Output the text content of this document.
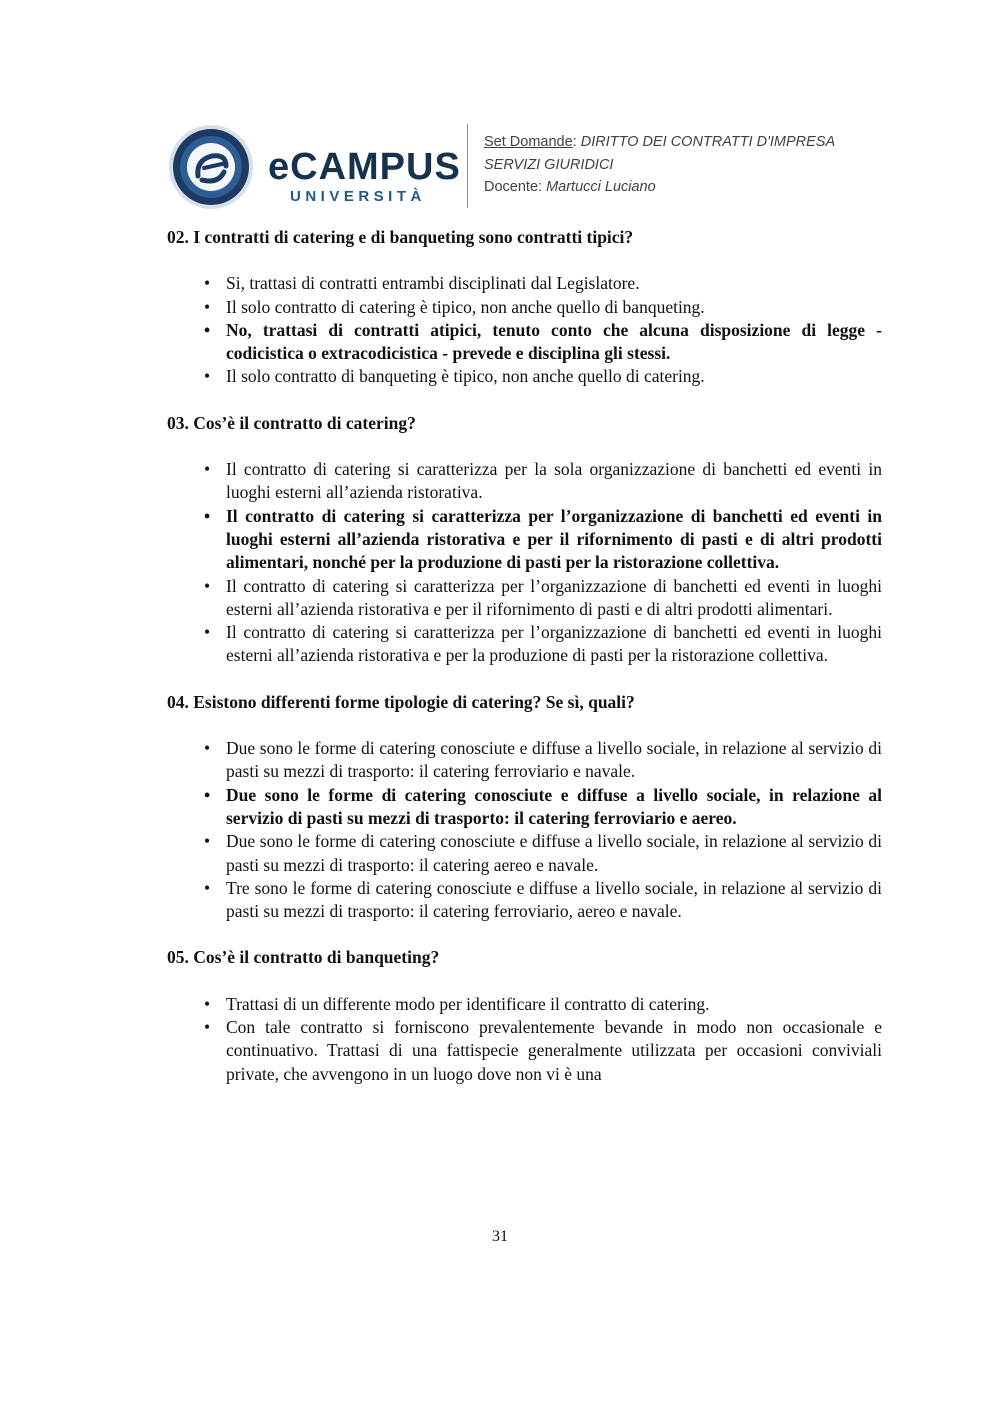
eCAMPUS
UNIVERSITÀ
Set Domande: DIRITTO DEI CONTRATTI D'IMPRESA
SERVIZI GIURIDICI
Docente: Martucci Luciano
02. I contratti di catering e di banqueting sono contratti tipici?
• Si, trattasi di contratti entrambi disciplinati dal Legislatore.
• Il solo contratto di catering è tipico, non anche quello di banqueting.
• No, trattasi di contratti atipici, tenuto conto che alcuna disposizione di legge - codicistica o extracodicistica - prevede e disciplina gli stessi.
• Il solo contratto di banqueting è tipico, non anche quello di catering.
03. Cos’è il contratto di catering?
• Il contratto di catering si caratterizza per la sola organizzazione di banchetti ed eventi in luoghi esterni all’azienda ristorativa.
• Il contratto di catering si caratterizza per l’organizzazione di banchetti ed eventi in luoghi esterni all’azienda ristorativa e per il rifornimento di pasti e di altri prodotti alimentari, nonché per la produzione di pasti per la ristorazione collettiva.
• Il contratto di catering si caratterizza per l’organizzazione di banchetti ed eventi in luoghi esterni all’azienda ristorativa e per il rifornimento di pasti e di altri prodotti alimentari.
• Il contratto di catering si caratterizza per l’organizzazione di banchetti ed eventi in luoghi esterni all’azienda ristorativa e per la produzione di pasti per la ristorazione collettiva.
04. Esistono differenti forme tipologie di catering? Se sì, quali?
• Due sono le forme di catering conosciute e diffuse a livello sociale, in relazione al servizio di pasti su mezzi di trasporto: il catering ferroviario e navale.
• Due sono le forme di catering conosciute e diffuse a livello sociale, in relazione al servizio di pasti su mezzi di trasporto: il catering ferroviario e aereo.
• Due sono le forme di catering conosciute e diffuse a livello sociale, in relazione al servizio di pasti su mezzi di trasporto: il catering aereo e navale.
• Tre sono le forme di catering conosciute e diffuse a livello sociale, in relazione al servizio di pasti su mezzi di trasporto: il catering ferroviario, aereo e navale.
05. Cos’è il contratto di banqueting?
• Trattasi di un differente modo per identificare il contratto di catering.
• Con tale contratto si forniscono prevalentemente bevande in modo non occasionale e continuativo. Trattasi di una fattispecie generalmente utilizzata per occasioni conviviali private, che avvengono in un luogo dove non vi è una
31
